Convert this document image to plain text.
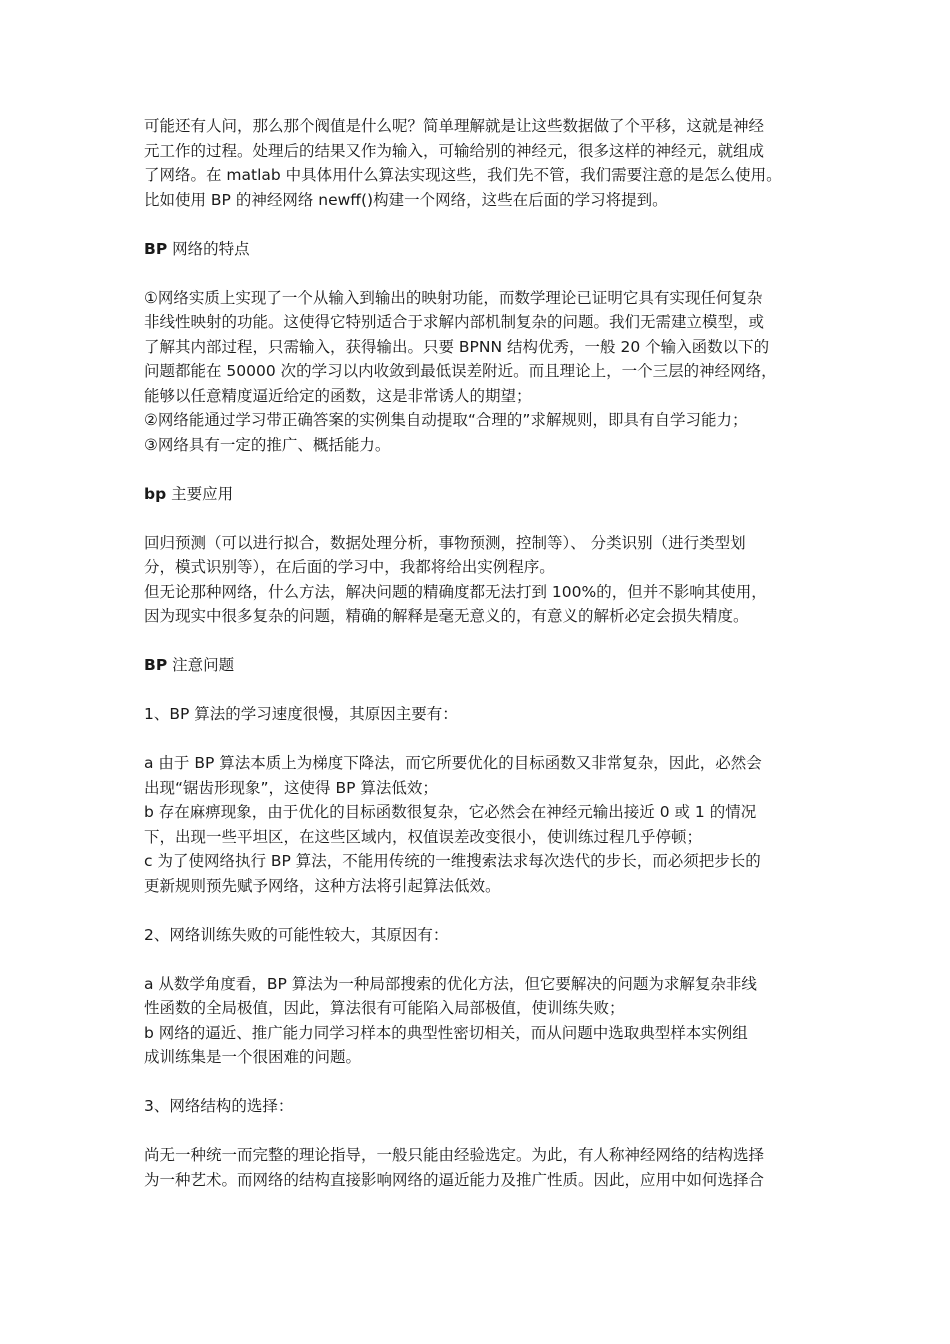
可能还有人问，那么那个阀值是什么呢？简单理解就是让这些数据做了个平移，这就是神经
元工作的过程。处理后的结果又作为输入，可输给别的神经元，很多这样的神经元，就组成
了网络。在 matlab 中具体用什么算法实现这些，我们先不管，我们需要注意的是怎么使用。
比如使用 BP 的神经网络 newff()构建一个网络，这些在后面的学习将提到。

BP 网络的特点

①网络实质上实现了一个从输入到输出的映射功能，而数学理论已证明它具有实现任何复杂
非线性映射的功能。这使得它特别适合于求解内部机制复杂的问题。我们无需建立模型，或
了解其内部过程，只需输入，获得输出。只要 BPNN 结构优秀，一般 20 个输入函数以下的
问题都能在 50000 次的学习以内收敛到最低误差附近。而且理论上，一个三层的神经网络，
能够以任意精度逼近给定的函数，这是非常诱人的期望；
②网络能通过学习带正确答案的实例集自动提取“合理的”求解规则，即具有自学习能力；
③网络具有一定的推广、概括能力。

bp 主要应用

回归预测（可以进行拟合，数据处理分析，事物预测，控制等）、 分类识别（进行类型划
分，模式识别等），在后面的学习中，我都将给出实例程序。
但无论那种网络，什么方法，解决问题的精确度都无法打到 100%的，但并不影响其使用，
因为现实中很多复杂的问题，精确的解释是毫无意义的，有意义的解析必定会损失精度。

BP 注意问题

1、BP 算法的学习速度很慢，其原因主要有：

a 由于 BP 算法本质上为梯度下降法，而它所要优化的目标函数又非常复杂，因此，必然会
出现“锯齿形现象”，这使得 BP 算法低效；
b 存在麻痹现象，由于优化的目标函数很复杂，它必然会在神经元输出接近 0 或 1 的情况
下，出现一些平坦区，在这些区域内，权值误差改变很小，使训练过程几乎停顿；
c 为了使网络执行 BP 算法，不能用传统的一维搜索法求每次迭代的步长，而必须把步长的
更新规则预先赋予网络，这种方法将引起算法低效。

2、网络训练失败的可能性较大，其原因有：

a 从数学角度看，BP 算法为一种局部搜索的优化方法，但它要解决的问题为求解复杂非线
性函数的全局极值，因此，算法很有可能陷入局部极值，使训练失败；
b 网络的逼近、推广能力同学习样本的典型性密切相关，而从问题中选取典型样本实例组
成训练集是一个很困难的问题。

3、网络结构的选择：

尚无一种统一而完整的理论指导，一般只能由经验选定。为此，有人称神经网络的结构选择
为一种艺术。而网络的结构直接影响网络的逼近能力及推广性质。因此，应用中如何选择合
